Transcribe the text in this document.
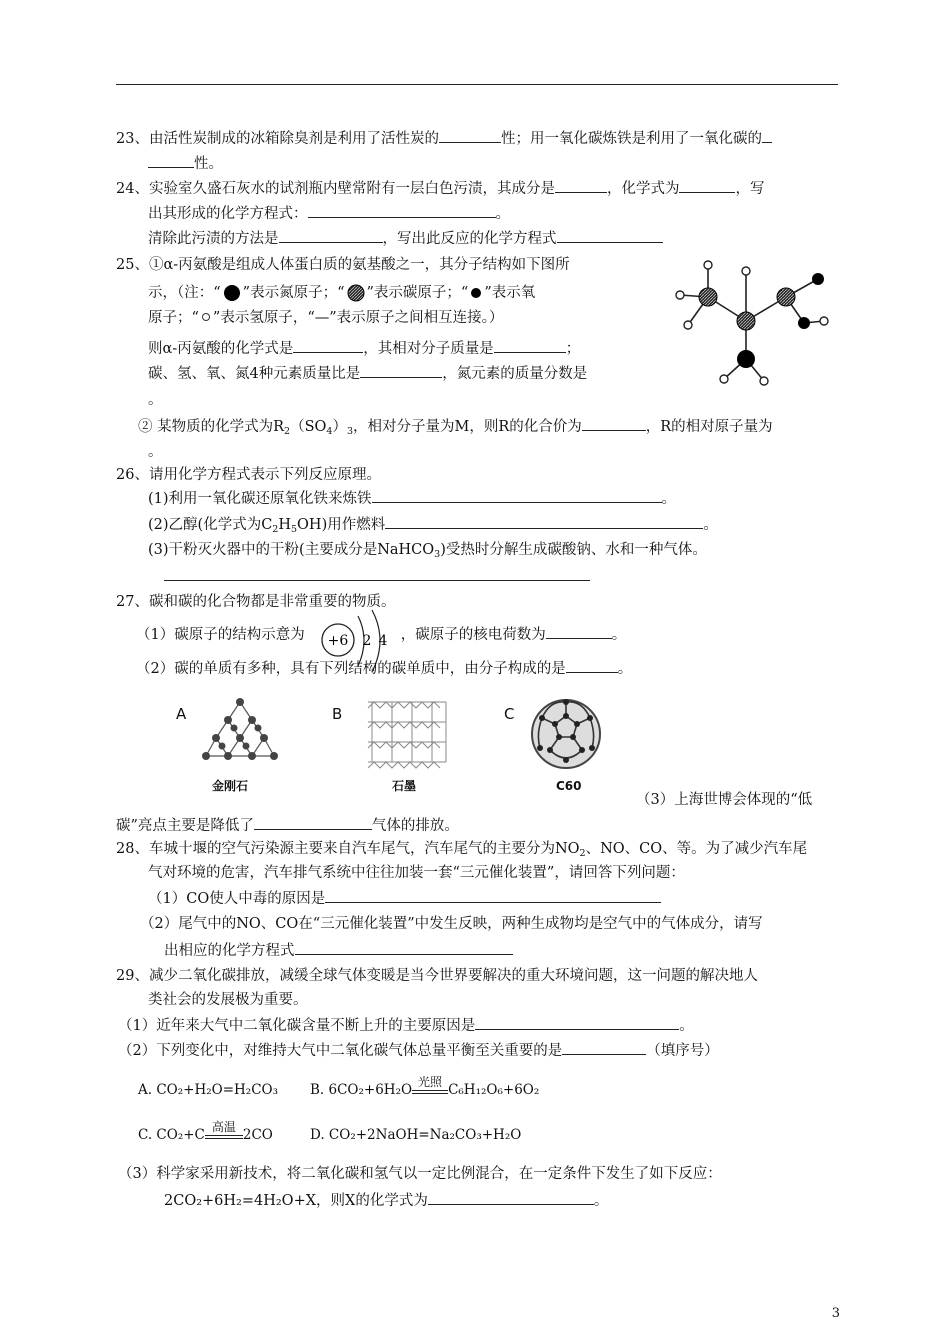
23、由活性炭制成的冰箱除臭剂是利用了活性炭的	性；用一氧化碳炼铁是利用了一氧化碳的
性。
24、实验室久盛石灰水的试剂瓶内壁常附有一层白色污渍，其成分是	，化学式为	，写
出其形成的化学方程式：	。
清除此污渍的方法是	，写出此反应的化学方程式
25、①α-丙氨酸是组成人体蛋白质的氨基酸之一，其分子结构如下图所
示，（注：“ ”表示氮原子；“ ”表示碳原子；“ ”表示氧
原子；“ ”表示氢原子，“—”表示原子之间相互连接。）
则α-丙氨酸的化学式是	，其相对分子质量是	；
碳、氢、氧、氮4种元素质量比是	，氮元素的质量分数是
。
② 某物质的化学式为$R_2(SO_4)_3$，相对分子量为M，则R的化合价为	，R的相对原子量为
。
26、请用化学方程式表示下列反应原理。
(1)利用一氧化碳还原氧化铁来炼铁	。
(2)乙醇(化学式为$C_2H_5OH$)用作燃料	。
(3)干粉灭火器中的干粉(主要成分是NaHCO$_3$)受热时分解生成碳酸钠、水和一种气体。
27、碳和碳的化合物都是非常重要的物质。
（1）碳原子的结构示意为	，碳原子的核电荷数为	。
+6 2 4
（2）碳的单质有多种，具有下列结构的碳单质中，由分子构成的是	。
A	B	C
金刚石	石墨	C60
（3）上海世博会体现的“低
碳”亮点主要是降低了	气体的排放。
28、车城十堰的空气污染源主要来自汽车尾气，汽车尾气的主要分为$NO_2$、NO、CO、等。为了减少汽车尾
气对环境的危害，汽车排气系统中往往加装一套“三元催化装置”，请回答下列问题：
（1）CO使人中毒的原因是
（2）尾气中的NO、CO在“三元催化装置”中发生反映，两种生成物均是空气中的气体成分，请写
出相应的化学方程式
29、减少二氧化碳排放，减缓全球气体变暖是当今世界要解决的重大环境问题，这一问题的解决地人
类社会的发展极为重要。
（1）近年来大气中二氧化碳含量不断上升的主要原因是	。
（2）下列变化中，对维持大气中二氧化碳气体总量平衡至关重要的是	（填序号）
A. CO₂+H₂O=H₂CO₃ B. 6CO₂+6H₂O 光照 C₆H₁₂O₆+6O₂
C. CO₂+C 高温 2CO	D. CO₂+2NaOH=Na₂CO₃+H₂O
（3）科学家采用新技术，将二氧化碳和氢气以一定比例混合，在一定条件下发生了如下反应：
2CO₂+6H₂=4H₂O+X，则X的化学式为	。
3
